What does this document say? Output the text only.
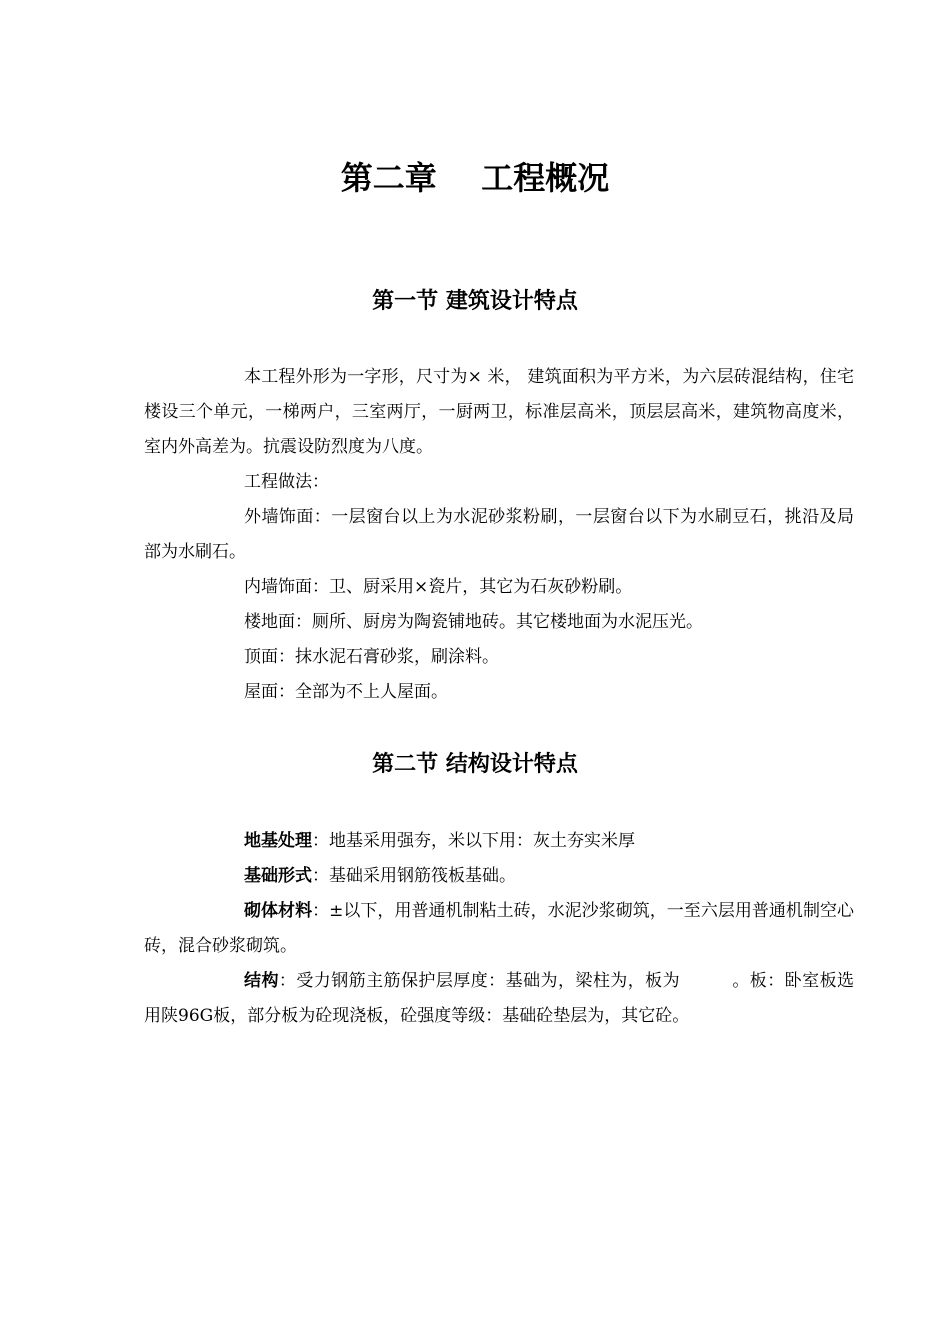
第二章    工程概况
第一节 建筑设计特点

本工程外形为一字形，尺寸为× 米， 建筑面积为平方米，为六层砖混结构，住宅楼设三个单元，一梯两户，三室两厅，一厨两卫，标准层高米，顶层层高米，建筑物高度米，室内外高差为。抗震设防烈度为八度。

工程做法：

外墙饰面：一层窗台以上为水泥砂浆粉刷，一层窗台以下为水刷豆石，挑沿及局部为水刷石。

内墙饰面：卫、厨采用×瓷片，其它为石灰砂粉刷。

楼地面：厕所、厨房为陶瓷铺地砖。其它楼地面为水泥压光。

顶面：抹水泥石膏砂浆，刷涂料。

屋面：全部为不上人屋面。

第二节 结构设计特点

地基处理：地基采用强夯，米以下用：灰土夯实米厚

基础形式：基础采用钢筋筏板基础。

砌体材料：±以下，用普通机制粘土砖，水泥沙浆砌筑，一至六层用普通机制空心砖，混合砂浆砌筑。

结构：受力钢筋主筋保护层厚度：基础为，梁柱为，板为　　　。板：卧室板选用陕96G板，部分板为砼现浇板，砼强度等级：基础砼垫层为，其它砼。
